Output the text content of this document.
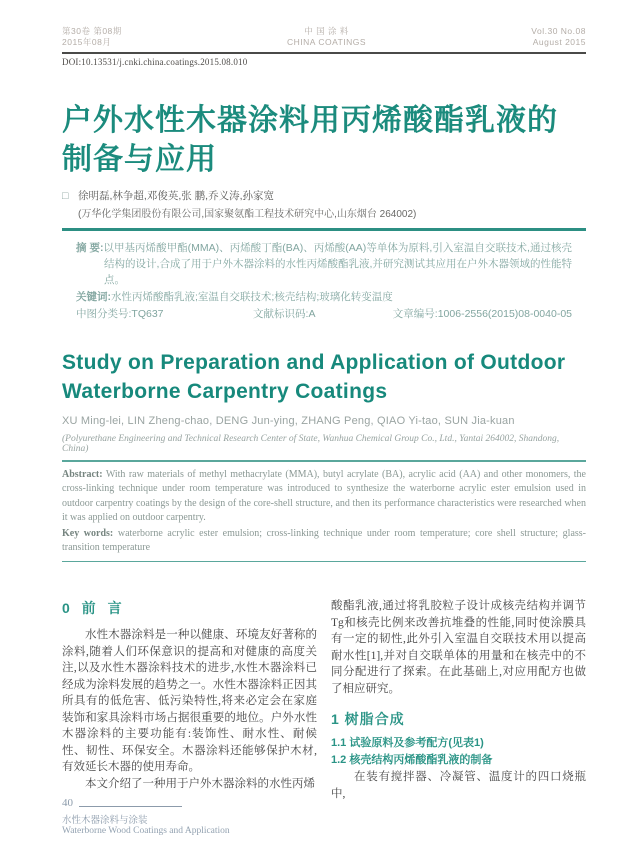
第30卷 第08期
2015年08月
中 国 涂 料
CHINA COATINGS
Vol.30 No.08
August 2015
DOI:10.13531/j.cnki.china.coatings.2015.08.010
户外水性木器涂料用丙烯酸酯乳液的
制备与应用
□ 徐明磊,林争超,邓俊英,张 鹏,乔义涛,孙家宽
(万华化学集团股份有限公司,国家聚氨酯工程技术研究中心,山东烟台 264002)
摘 要:以甲基丙烯酸甲酯(MMA)、丙烯酸丁酯(BA)、丙烯酸(AA)等单体为原料,引入室温自交联技术,通过核壳结构的设计,合成了用于户外木器涂料的水性丙烯酸酯乳液,并研究测试其应用在户外木器领域的性能特点。
关键词:水性丙烯酸酯乳液;室温自交联技术;核壳结构;玻璃化转变温度
中图分类号:TQ637	文献标识码:A	文章编号:1006-2556(2015)08-0040-05
Study on Preparation and Application of Outdoor
Waterborne Carpentry Coatings
XU Ming-lei, LIN Zheng-chao, DENG Jun-ying, ZHANG Peng, QIAO Yi-tao, SUN Jia-kuan
(Polyurethane Engineering and Technical Research Center of State, Wanhua Chemical Group Co., Ltd., Yantai 264002, Shandong, China)
Abstract: With raw materials of methyl methacrylate (MMA), butyl acrylate (BA), acrylic acid (AA) and other monomers, the cross-linking technique under room temperature was introduced to synthesize the waterborne acrylic ester emulsion used in outdoor carpentry coatings by the design of the core-shell structure, and then its performance characteristics were researched when it was applied on outdoor carpentry.
Key words: waterborne acrylic ester emulsion; cross-linking technique under room temperature; core shell structure; glass-transition temperature
0 前 言

水性木器涂料是一种以健康、环境友好著称的涂料,随着人们环保意识的提高和对健康的高度关注,以及水性木器涂料技术的进步,水性木器涂料已经成为涂料发展的趋势之一。水性木器涂料正因其所具有的低危害、低污染特性,将来必定会在家庭装饰和家具涂料市场占据很重要的地位。户外水性木器涂料的主要功能有:装饰性、耐水性、耐候性、韧性、环保安全。木器涂料还能够保护木材,有效延长木器的使用寿命。

本文介绍了一种用于户外木器涂料的水性丙烯

酸酯乳液,通过将乳胶粒子设计成核壳结构并调节Tg和核壳比例来改善抗堆叠的性能,同时使涂膜具有一定的韧性,此外引入室温自交联技术用以提高耐水性[1],并对自交联单体的用量和在核壳中的不同分配进行了探索。在此基础上,对应用配方也做了相应研究。

1 树脂合成
1.1 试验原料及参考配方(见表1)
1.2 核壳结构丙烯酸酯乳液的制备

在装有搅拌器、冷凝管、温度计的四口烧瓶中,

40
水性木器涂料与涂装
Waterborne Wood Coatings and Application
